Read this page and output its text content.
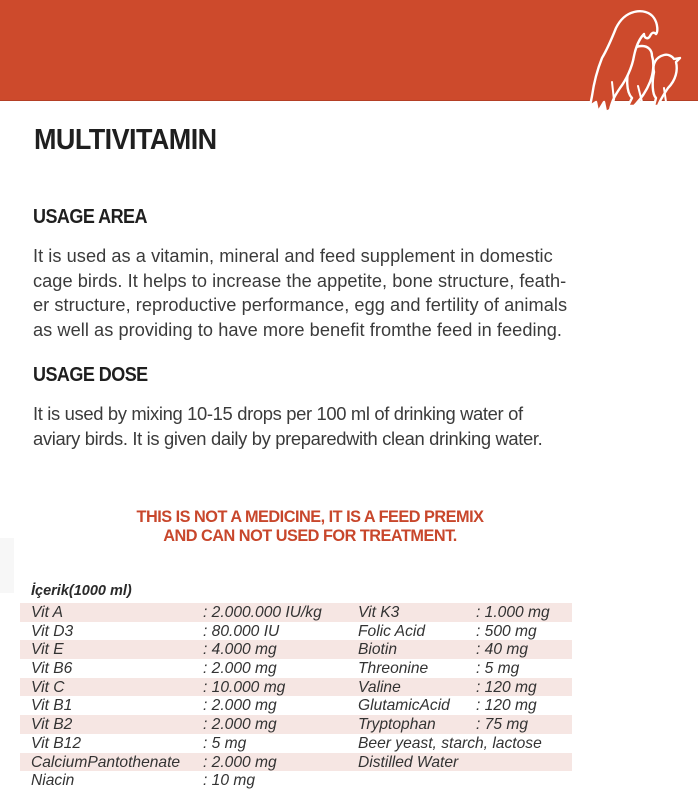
MULTIVITAMIN
USAGE AREA
It is used as a vitamin, mineral and feed supplement in domestic
cage birds. It helps to increase the appetite, bone structure, feath-
er structure, reproductive performance, egg and fertility of animals
as well as providing to have more benefit fromthe feed in feeding.
USAGE DOSE
It is used by mixing 10-15 drops per 100 ml of drinking water of
aviary birds. It is given daily by preparedwith clean drinking water.
THIS IS NOT A MEDICINE, IT IS A FEED PREMIX
AND CAN NOT USED FOR TREATMENT.
İçerik(1000 ml)
Vit A	: 2.000.000 IU/kg Vit K3	: 1.000 mg
Vit D3	: 80.000 IU	Folic Acid	: 500 mg
Vit E	: 4.000 mg	Biotin	: 40 mg
Vit B6	: 2.000 mg	Threonine	: 5 mg
Vit C	: 10.000 mg	Valine	: 120 mg
Vit B1	: 2.000 mg	GlutamicAcid : 120 mg
Vit B2	: 2.000 mg	Tryptophan	: 75 mg
Vit B12	: 5 mg	Beer yeast, starch, lactose
CalciumPantothenate : 2.000 mg	Distilled Water
Niacin	: 10 mg
